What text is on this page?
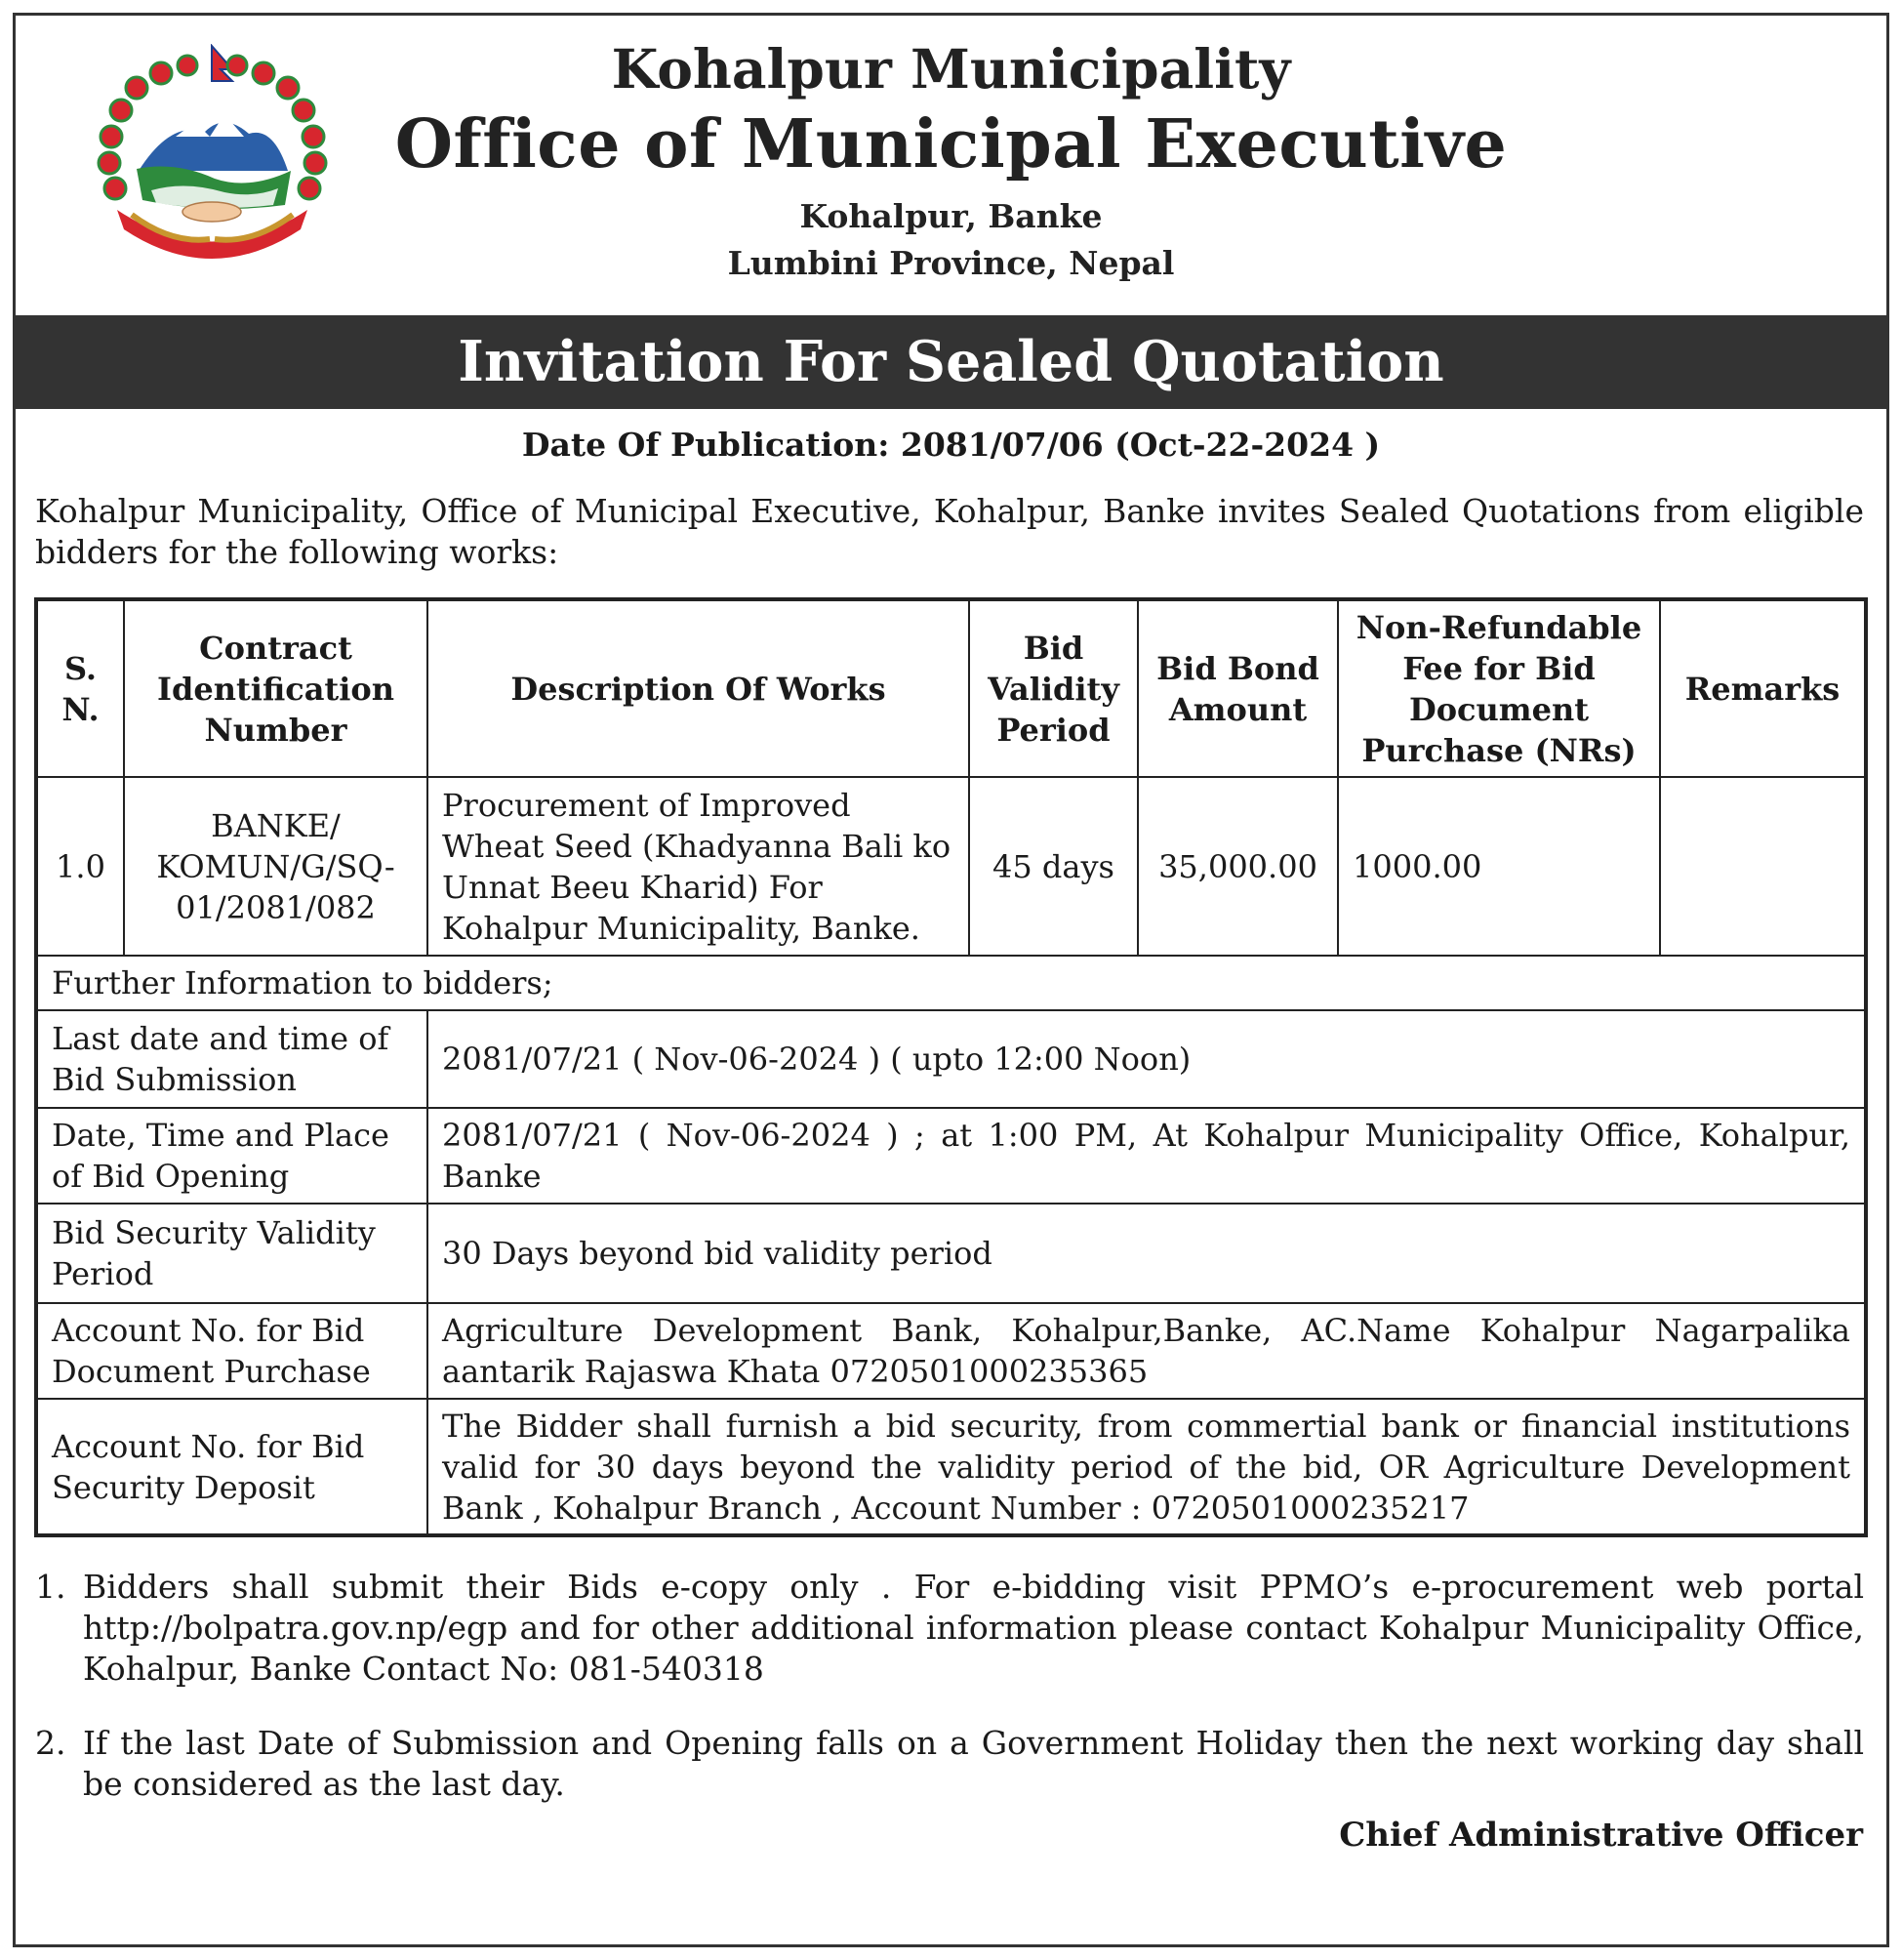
Kohalpur Municipality
Office of Municipal Executive
Kohalpur, Banke
Lumbini Province, Nepal
Invitation For Sealed Quotation
Date Of Publication: 2081/07/06 (Oct-22-2024 )
Kohalpur Municipality, Office of Municipal Executive, Kohalpur, Banke invites Sealed Quotations from eligible bidders for the following works:
S. N.	Contract Identification Number	Description Of Works	Bid Validity Period	Bid Bond Amount	Non-Refundable Fee for Bid Document Purchase (NRs)	Remarks
1.0	BANKE/ KOMUN/G/SQ-01/2081/082	Procurement of Improved Wheat Seed (Khadyanna Bali ko Unnat Beeu Kharid) For Kohalpur Municipality, Banke.	45 days	35,000.00	1000.00	
Further Information to bidders;						
Last date and time of Bid Submission		2081/07/21 ( Nov-06-2024 ) ( upto 12:00 Noon)				
Date, Time and Place of Bid Opening		2081/07/21 ( Nov-06-2024 ) ; at 1:00 PM, At Kohalpur Municipality Office, Kohalpur, Banke				
Bid Security Validity Period		30 Days beyond bid validity period				
Account No. for Bid Document Purchase		Agriculture Development Bank, Kohalpur,Banke, AC.Name Kohalpur Nagarpalika aantarik Rajaswa Khata 0720501000235365				
Account No. for Bid Security Deposit		The Bidder shall furnish a bid security, from commertial bank or financial institutions valid for 30 days beyond the validity period of the bid, OR Agriculture Development Bank , Kohalpur Branch , Account Number : 0720501000235217				
1. Bidders shall submit their Bids e-copy only . For e-bidding visit PPMO’s e-procurement web portal http://bolpatra.gov.np/egp and for other additional information please contact Kohalpur Municipality Office, Kohalpur, Banke Contact No: 081-540318
2. If the last Date of Submission and Opening falls on a Government Holiday then the next working day shall be considered as the last day.
Chief Administrative Officer
